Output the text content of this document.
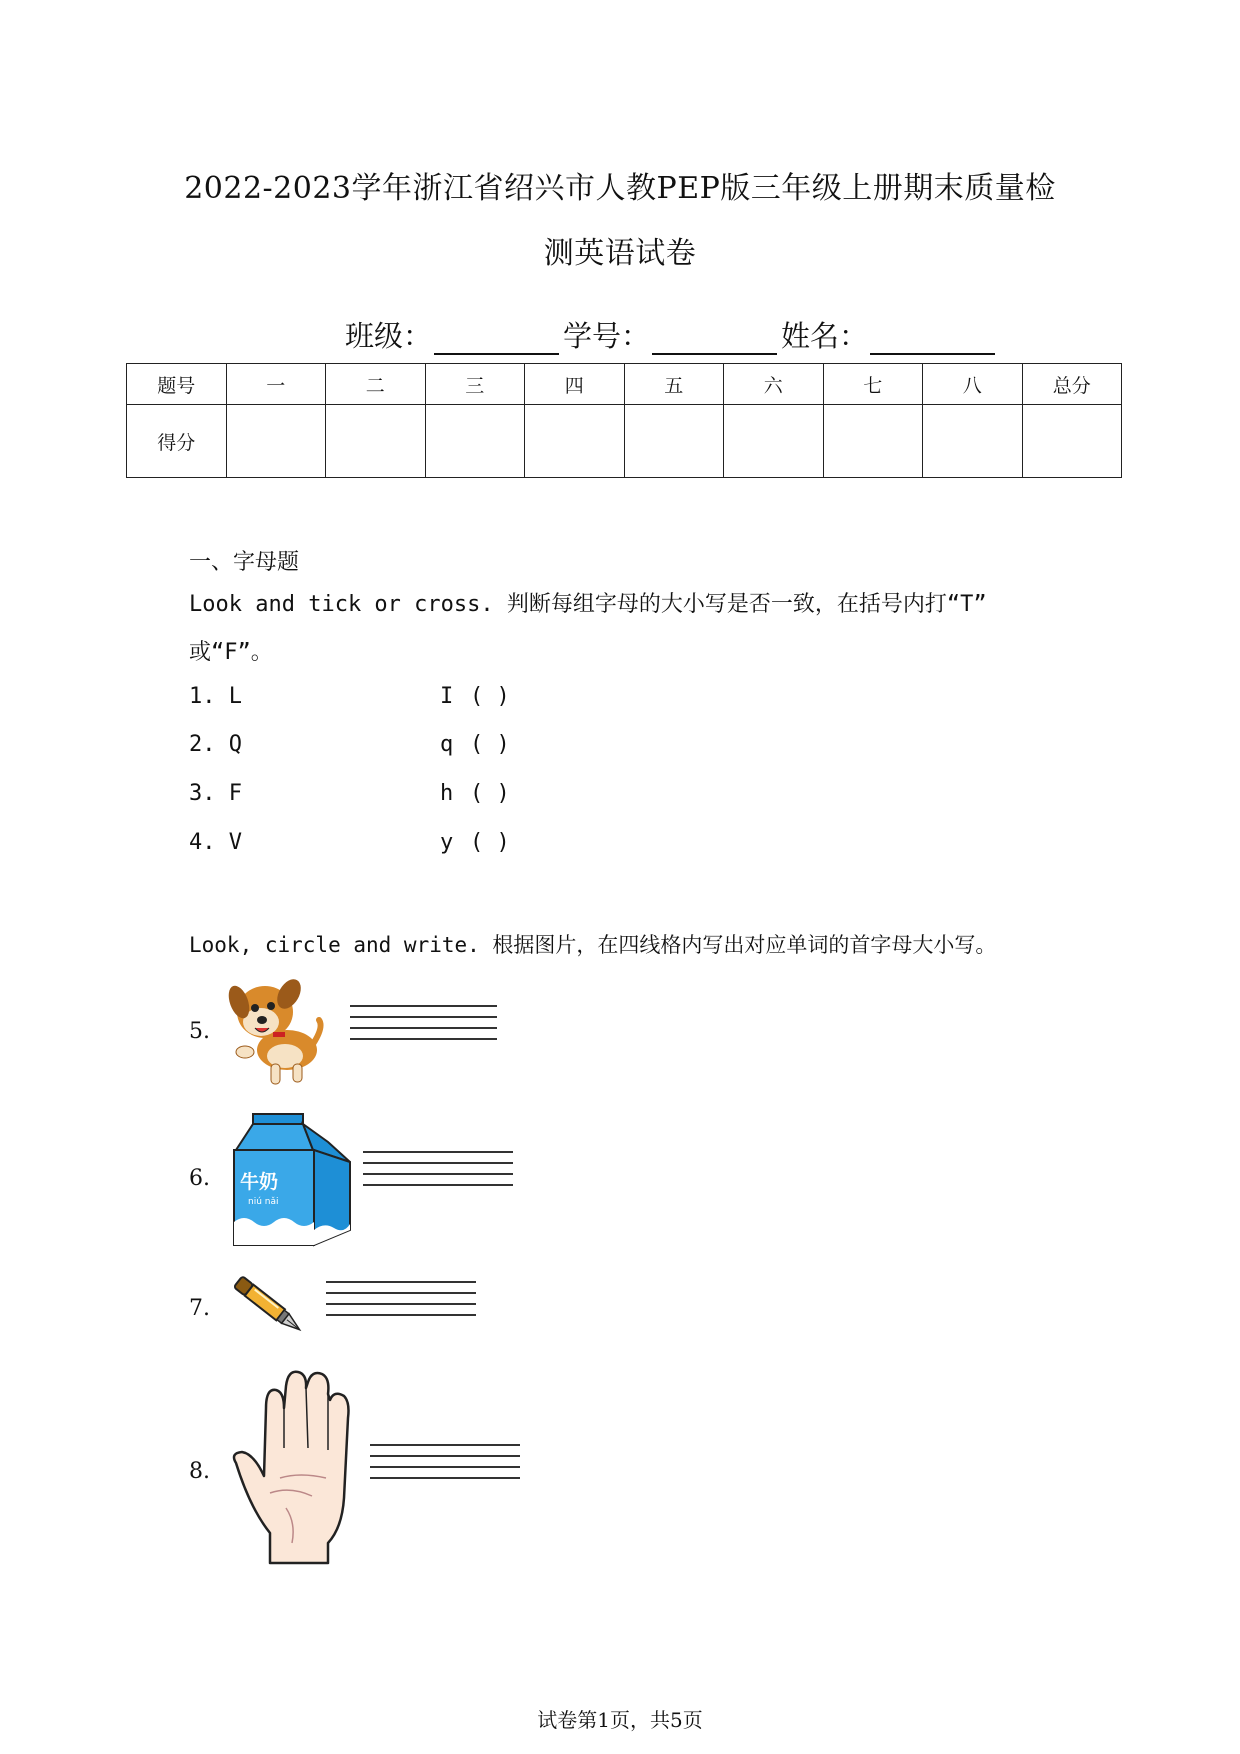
2022-2023学年浙江省绍兴市人教PEP版三年级上册期末质量检
测英语试卷
班级：	学号：	姓名：
题号	一	二	三	四	五	六	七	八	总分
得分									
一、字母题
Look and tick or cross. 判断每组字母的大小写是否一致，在括号内打“T”
或“F”。
1. L	I ( )
2. Q	q ( )
3. F	h ( )
4. V	y ( )
Look, circle and write. 根据图片，在四线格内写出对应单词的首字母大小写。
5.
6. 牛奶
niú nǎi
7.
8.
试卷第1页，共5页
